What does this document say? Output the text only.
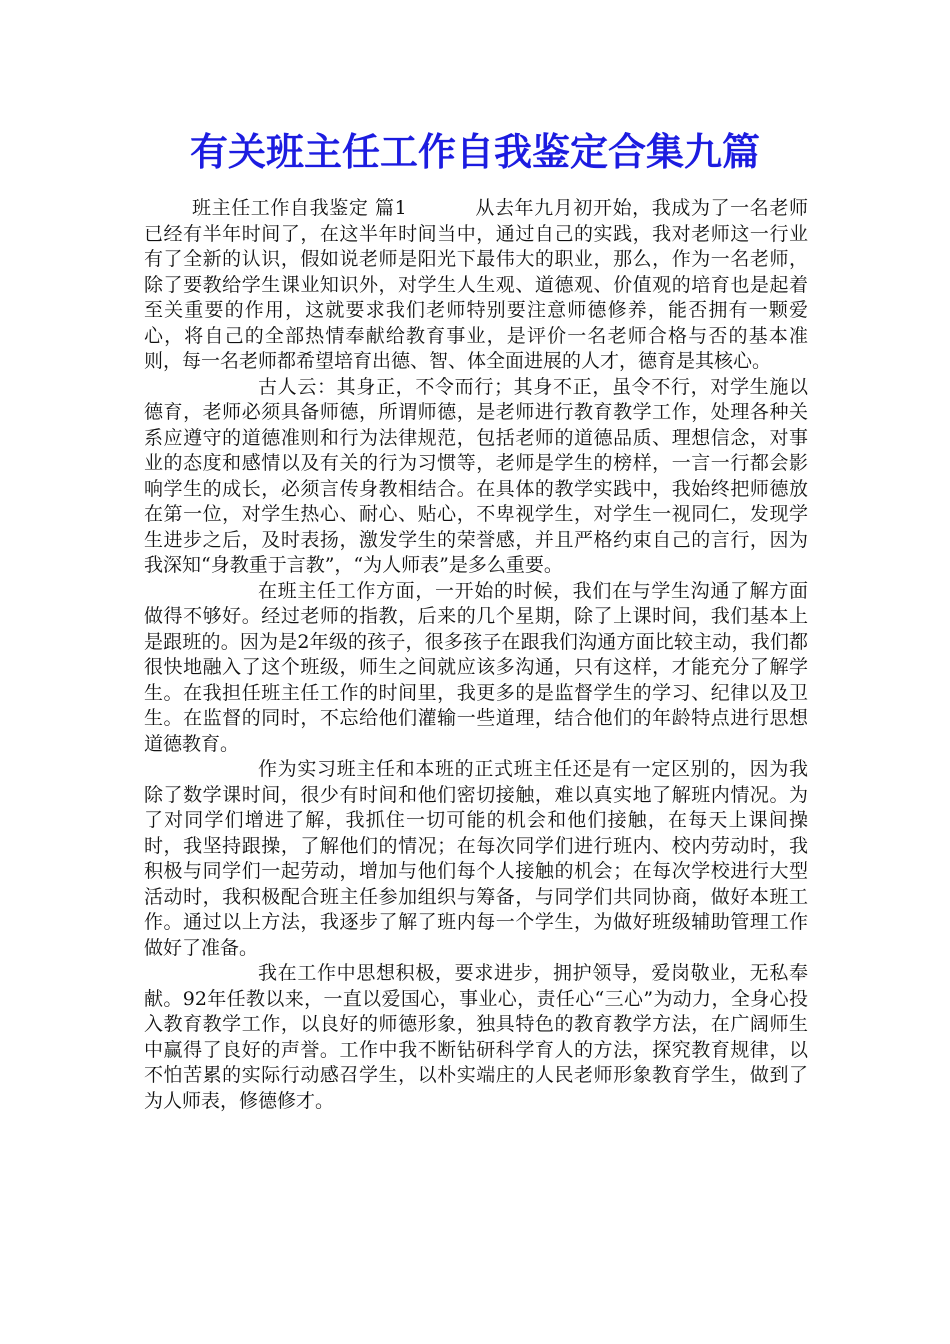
有关班主任工作自我鉴定合集九篇

班主任工作自我鉴定 篇1	从去年九月初开始，我成为了一名老师已经有半年时间了，在这半年时间当中，通过自己的实践，我对老师这一行业有了全新的认识，假如说老师是阳光下最伟大的职业，那么，作为一名老师，除了要教给学生课业知识外，对学生人生观、道德观、价值观的培育也是起着至关重要的作用，这就要求我们老师特别要注意师德修养，能否拥有一颗爱心，将自己的全部热情奉献给教育事业，是评价一名老师合格与否的基本准则，每一名老师都希望培育出德、智、体全面进展的人才，德育是其核心。

古人云：其身正，不令而行；其身不正，虽令不行，对学生施以德育，老师必须具备师德，所谓师德，是老师进行教育教学工作，处理各种关系应遵守的道德准则和行为法律规范，包括老师的道德品质、理想信念，对事业的态度和感情以及有关的行为习惯等，老师是学生的榜样，一言一行都会影响学生的成长，必须言传身教相结合。在具体的教学实践中，我始终把师德放在第一位，对学生热心、耐心、贴心，不卑视学生，对学生一视同仁，发现学生进步之后，及时表扬，激发学生的荣誉感，并且严格约束自己的言行，因为我深知“身教重于言教”，“为人师表”是多么重要。

在班主任工作方面，一开始的时候，我们在与学生沟通了解方面做得不够好。经过老师的指教，后来的几个星期，除了上课时间，我们基本上是跟班的。因为是2年级的孩子，很多孩子在跟我们沟通方面比较主动，我们都很快地融入了这个班级，师生之间就应该多沟通，只有这样，才能充分了解学生。在我担任班主任工作的时间里，我更多的是监督学生的学习、纪律以及卫生。在监督的同时，不忘给他们灌输一些道理，结合他们的年龄特点进行思想道德教育。

作为实习班主任和本班的正式班主任还是有一定区别的，因为我除了数学课时间，很少有时间和他们密切接触，难以真实地了解班内情况。为了对同学们增进了解，我抓住一切可能的机会和他们接触，在每天上课间操时，我坚持跟操，了解他们的情况；在每次同学们进行班内、校内劳动时，我积极与同学们一起劳动，增加与他们每个人接触的机会；在每次学校进行大型活动时，我积极配合班主任参加组织与筹备，与同学们共同协商，做好本班工作。通过以上方法，我逐步了解了班内每一个学生，为做好班级辅助管理工作做好了准备。

我在工作中思想积极，要求进步，拥护领导，爱岗敬业，无私奉献。92年任教以来，一直以爱国心，事业心，责任心“三心”为动力，全身心投入教育教学工作，以良好的师德形象，独具特色的教育教学方法，在广阔师生中赢得了良好的声誉。工作中我不断钻研科学育人的方法，探究教育规律，以不怕苦累的实际行动感召学生，以朴实端庄的人民老师形象教育学生，做到了为人师表，修德修才。
